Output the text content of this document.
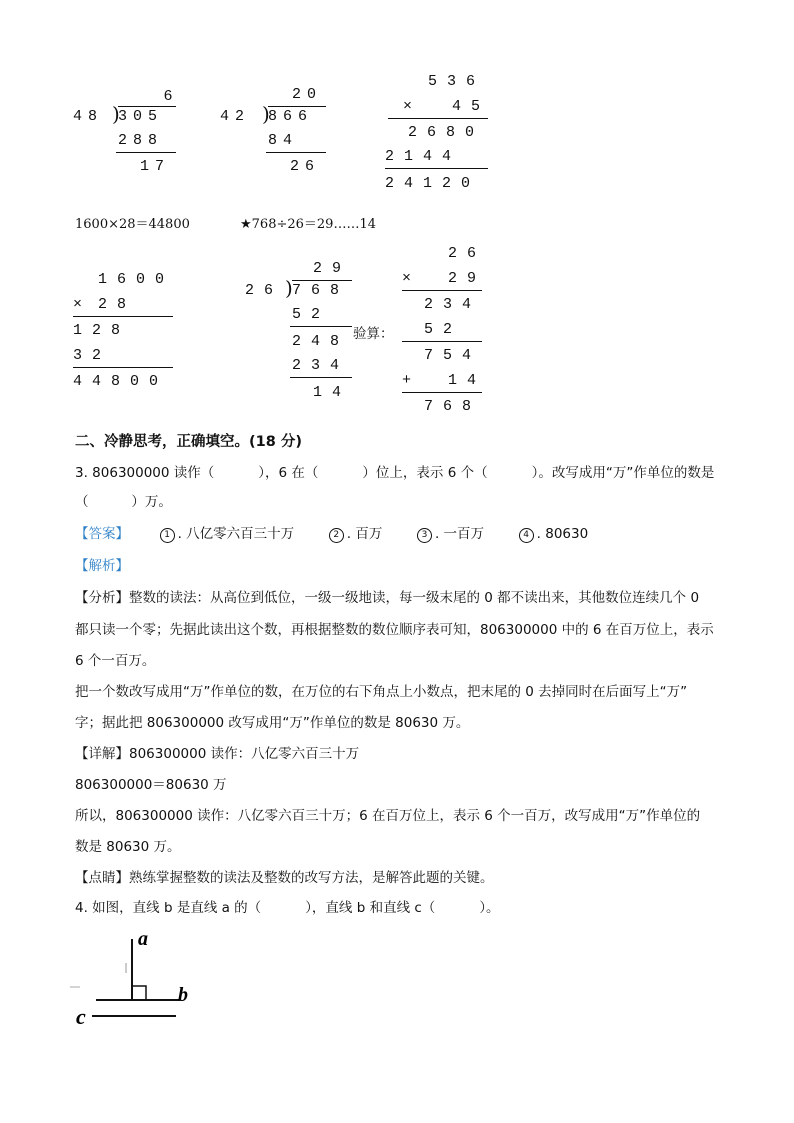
6
48 )
305
288
17
20
42 )
866
84
26
536
×	45
2680
2144
24120
1600×28＝44800	★768÷26＝29……14
1600
× 28
128
32
44800
29
26 ) 768
52
248
234
14
验算：
26
× 29
234
52
754
+ 14
768
二、冷静思考，正确填空。(18 分)
3. 806300000 读作（	），6 在（	）位上，表示 6 个（	）。改写成用“万”作单位的数是
（          ）万。
【答案】	1 . 八亿零六百三十万	2 . 百万	3 . 一百万	4 . 80630
【解析】
【分析】整数的读法：从高位到低位，一级一级地读，每一级末尾的 0 都不读出来，其他数位连续几个 0
都只读一个零；先据此读出这个数，再根据整数的数位顺序表可知，806300000 中的 6 在百万位上，表示
6 个一百万。
把一个数改写成用“万”作单位的数，在万位的右下角点上小数点，把末尾的 0 去掉同时在后面写上“万”
字；据此把 806300000 改写成用“万”作单位的数是 80630 万。
【详解】806300000 读作：八亿零六百三十万
806300000＝80630 万
所以，806300000 读作：八亿零六百三十万；6 在百万位上，表示 6 个一百万，改写成用“万”作单位的
数是 80630 万。
【点睛】熟练掌握整数的读法及整数的改写方法，是解答此题的关键。
4. 如图，直线 b 是直线 a 的（	），直线 b 和直线 c（	）。
a
b
c
